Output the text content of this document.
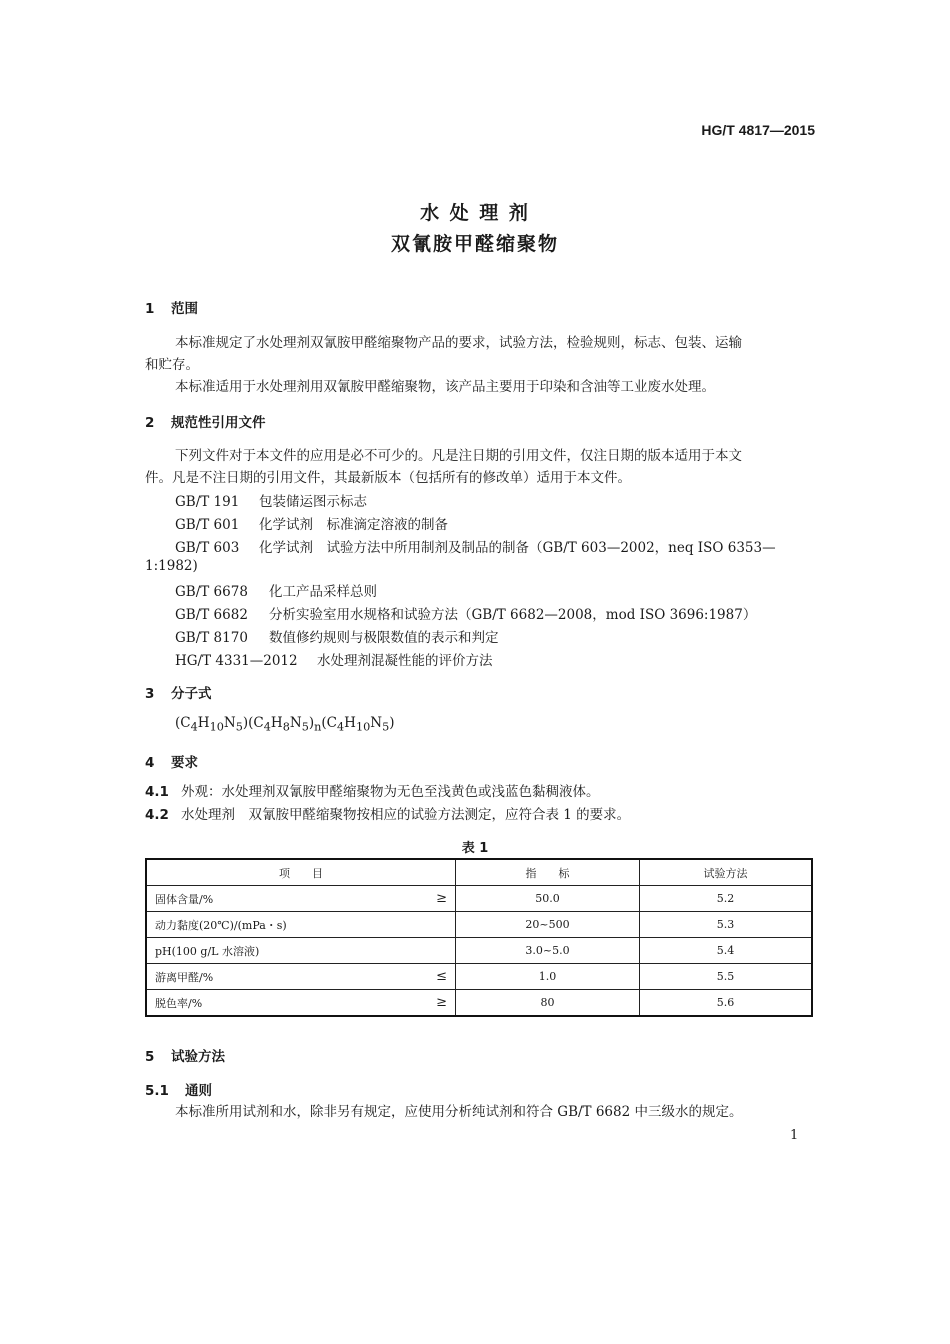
HG/T 4817—2015
水 处 理 剂
双氰胺甲醛缩聚物
1 范围
本标准规定了水处理剂双氰胺甲醛缩聚物产品的要求，试验方法，检验规则，标志、包装、运输
和贮存。
本标准适用于水处理剂用双氰胺甲醛缩聚物，该产品主要用于印染和含油等工业废水处理。
2 规范性引用文件
下列文件对于本文件的应用是必不可少的。凡是注日期的引用文件，仅注日期的版本适用于本文
件。凡是不注日期的引用文件，其最新版本（包括所有的修改单）适用于本文件。
GB/T 191 包装储运图示标志
GB/T 601 化学试剂　标准滴定溶液的制备
GB/T 603 化学试剂　试验方法中所用制剂及制品的制备（GB/T 603—2002，neq ISO 6353—
1:1982)
GB/T 6678 化工产品采样总则
GB/T 6682 分析实验室用水规格和试验方法（GB/T 6682—2008，mod ISO 3696:1987）
GB/T 8170 数值修约规则与极限数值的表示和判定
HG/T 4331—2012 水处理剂混凝性能的评价方法
3 分子式
$(C_4H_{10}N_5)(C_4H_8N_5)_n(C_4H_{10}N_5)$
4 要求
4.1 外观：水处理剂双氰胺甲醛缩聚物为无色至浅黄色或浅蓝色黏稠液体。
4.2 水处理剂　双氰胺甲醛缩聚物按相应的试验方法测定，应符合表 1 的要求。
表 1
项　　目	指　　标	试验方法
固体含量/% ≥	50.0	5.2
动力黏度(20℃)/(mPa・s)	20~500	5.3
pH(100 g/L 水溶液)	3.0~5.0	5.4
游离甲醛/% ≤	1.0	5.5
脱色率/% ≥	80	5.6
5 试验方法
5.1 通则
本标准所用试剂和水，除非另有规定，应使用分析纯试剂和符合 GB/T 6682 中三级水的规定。
1
